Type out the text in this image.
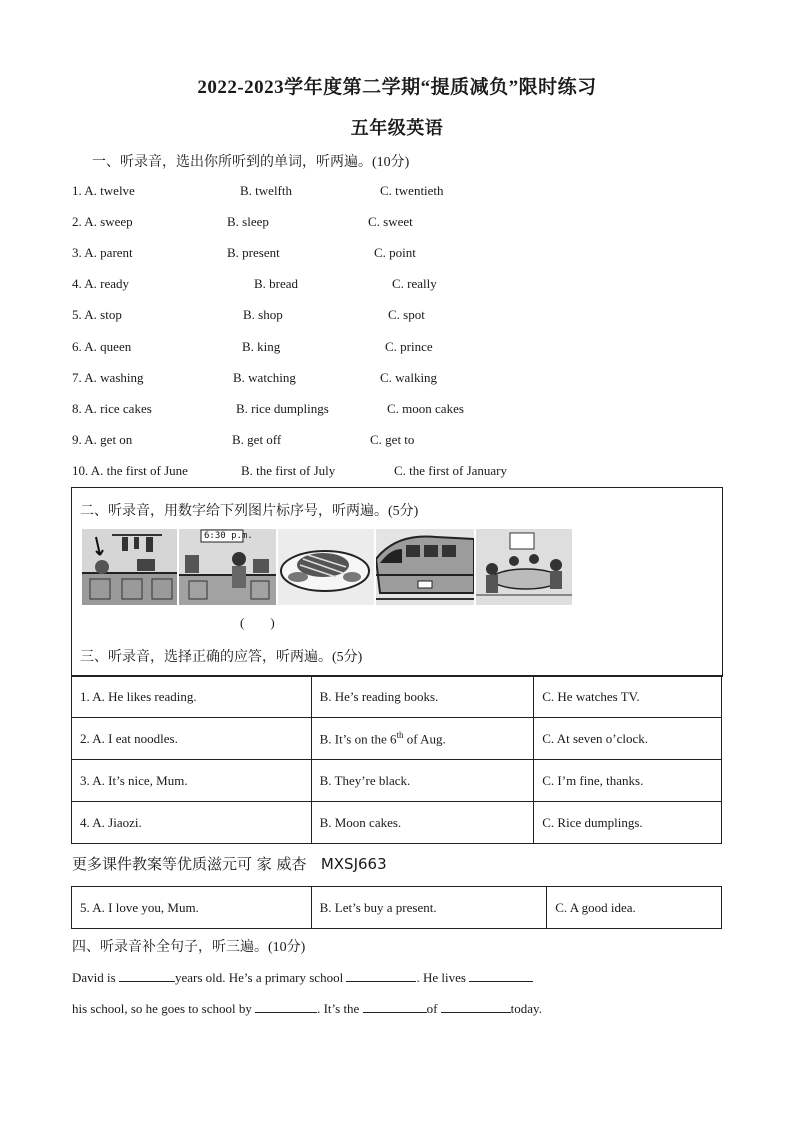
2022-2023学年度第二学期“提质减负”限时练习
五年级英语
一、听录音，选出你所听到的单词，听两遍。(10分)
1. A. twelve	B. twelfth	C. twentieth
2. A. sweep	B. sleep	C. sweet
3. A. parent	B. present	C. point
4. A. ready	B. bread	C. really
5. A. stop	B. shop	C. spot
6. A. queen	B. king	C. prince
7. A. washing	B. watching	C. walking
8. A. rice cakes	B. rice dumplings	C. moon cakes
9. A. get on	B. get off	C. get to
10. A. the first of June	B. the first of July	C. the first of January
二、听录音，用数字给下列图片标序号，听两遍。(5分)
6:30 p.m.
(        )
三、听录音，选择正确的应答，听两遍。(5分)
1. A. He likes reading.	B. He’s reading books.	C. He watches TV.
2. A. I eat noodles.	B. It’s on the 6th of Aug.	C. At seven o’clock.
3. A. It’s nice, Mum.	B. They’re black.	C. I’m fine, thanks.
4. A. Jiaozi.	B. Moon cakes.	C. Rice dumplings.
更多课件教案等优质滋元可 家 威杏   MXSJ663
5. A. I love you, Mum.	B. Let’s buy a present.	C. A good idea.
四、听录音补全句子，听三遍。(10分)
David is	years old. He’s a primary school	. He lives
his school, so he goes to school by	. It’s the	of	today.
